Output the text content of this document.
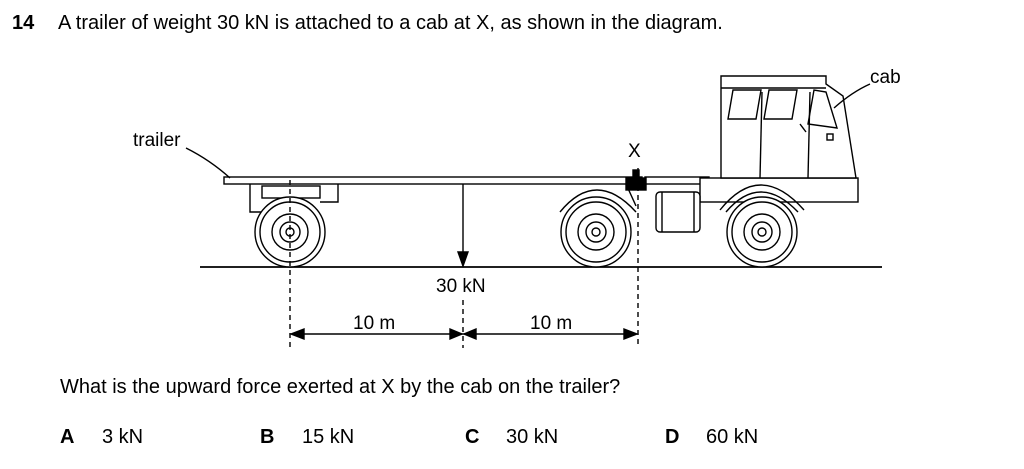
14 A trailer of weight 30 kN is attached to a cab at X, as shown in the diagram.
trailer
cab
X
30 kN
10 m	10 m
What is the upward force exerted at X by the cab on the trailer?
A 3 kN	B 15 kN	C 30 kN	D 60 kN
